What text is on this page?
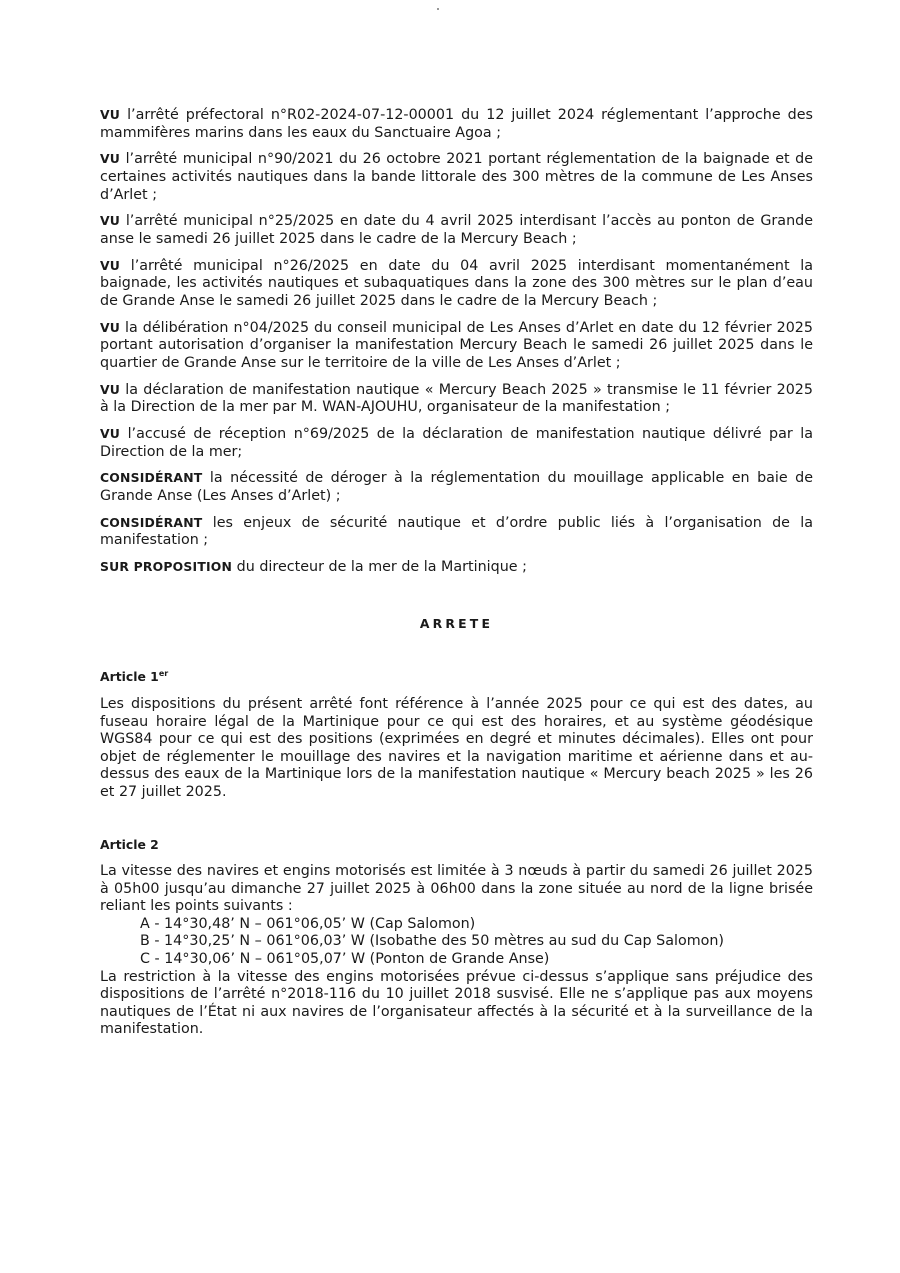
VU l’arrêté préfectoral n°R02-2024-07-12-00001 du 12 juillet 2024 réglementant l’approche des mammifères marins dans les eaux du Sanctuaire Agoa ;

VU l’arrêté municipal n°90/2021 du 26 octobre 2021 portant réglementation de la baignade et de certaines activités nautiques dans la bande littorale des 300 mètres de la commune de Les Anses d’Arlet ;

VU l’arrêté municipal n°25/2025 en date du 4 avril 2025 interdisant l’accès au ponton de Grande anse le samedi 26 juillet 2025 dans le cadre de la Mercury Beach ;

VU l’arrêté municipal n°26/2025 en date du 04 avril 2025 interdisant momentanément la baignade, les activités nautiques et subaquatiques dans la zone des 300 mètres sur le plan d’eau de Grande Anse le samedi 26 juillet 2025 dans le cadre de la Mercury Beach ;

VU la délibération n°04/2025 du conseil municipal de Les Anses d’Arlet en date du 12 février 2025 portant autorisation d’organiser la manifestation Mercury Beach le samedi 26 juillet 2025 dans le quartier de Grande Anse sur le territoire de la ville de Les Anses d’Arlet ;

VU la déclaration de manifestation nautique « Mercury Beach 2025 » transmise le 11 février 2025 à la Direction de la mer par M. WAN-AJOUHU, organisateur de la manifestation ;

VU l’accusé de réception n°69/2025 de la déclaration de manifestation nautique délivré par la Direction de la mer;

CONSIDÉRANT la nécessité de déroger à la réglementation du mouillage applicable en baie de Grande Anse (Les Anses d’Arlet) ;

CONSIDÉRANT les enjeux de sécurité nautique et d’ordre public liés à l’organisation de la manifestation ;

SUR PROPOSITION du directeur de la mer de la Martinique ;

ARRETE
Article 1er

Les dispositions du présent arrêté font référence à l’année 2025 pour ce qui est des dates, au fuseau horaire légal de la Martinique pour ce qui est des horaires, et au système géodésique WGS84 pour ce qui est des positions (exprimées en degré et minutes décimales). Elles ont pour objet de réglementer le mouillage des navires et la navigation maritime et aérienne dans et au-dessus des eaux de la Martinique lors de la manifestation nautique « Mercury beach 2025 » les 26 et 27 juillet 2025.

Article 2

La vitesse des navires et engins motorisés est limitée à 3 nœuds à partir du samedi 26 juillet 2025 à 05h00 jusqu’au dimanche 27 juillet 2025 à 06h00 dans la zone située au nord de la ligne brisée reliant les points suivants :

A - 14°30,48’ N – 061°06,05’ W (Cap Salomon)
B - 14°30,25’ N – 061°06,03’ W (Isobathe des 50 mètres au sud du Cap Salomon)
C - 14°30,06’ N – 061°05,07’ W (Ponton de Grande Anse)

La restriction à la vitesse des engins motorisées prévue ci-dessus s’applique sans préjudice des dispositions de l’arrêté n°2018-116 du 10 juillet 2018 susvisé. Elle ne s’applique pas aux moyens nautiques de l’État ni aux navires de l’organisateur affectés à la sécurité et à la surveillance de la manifestation.
